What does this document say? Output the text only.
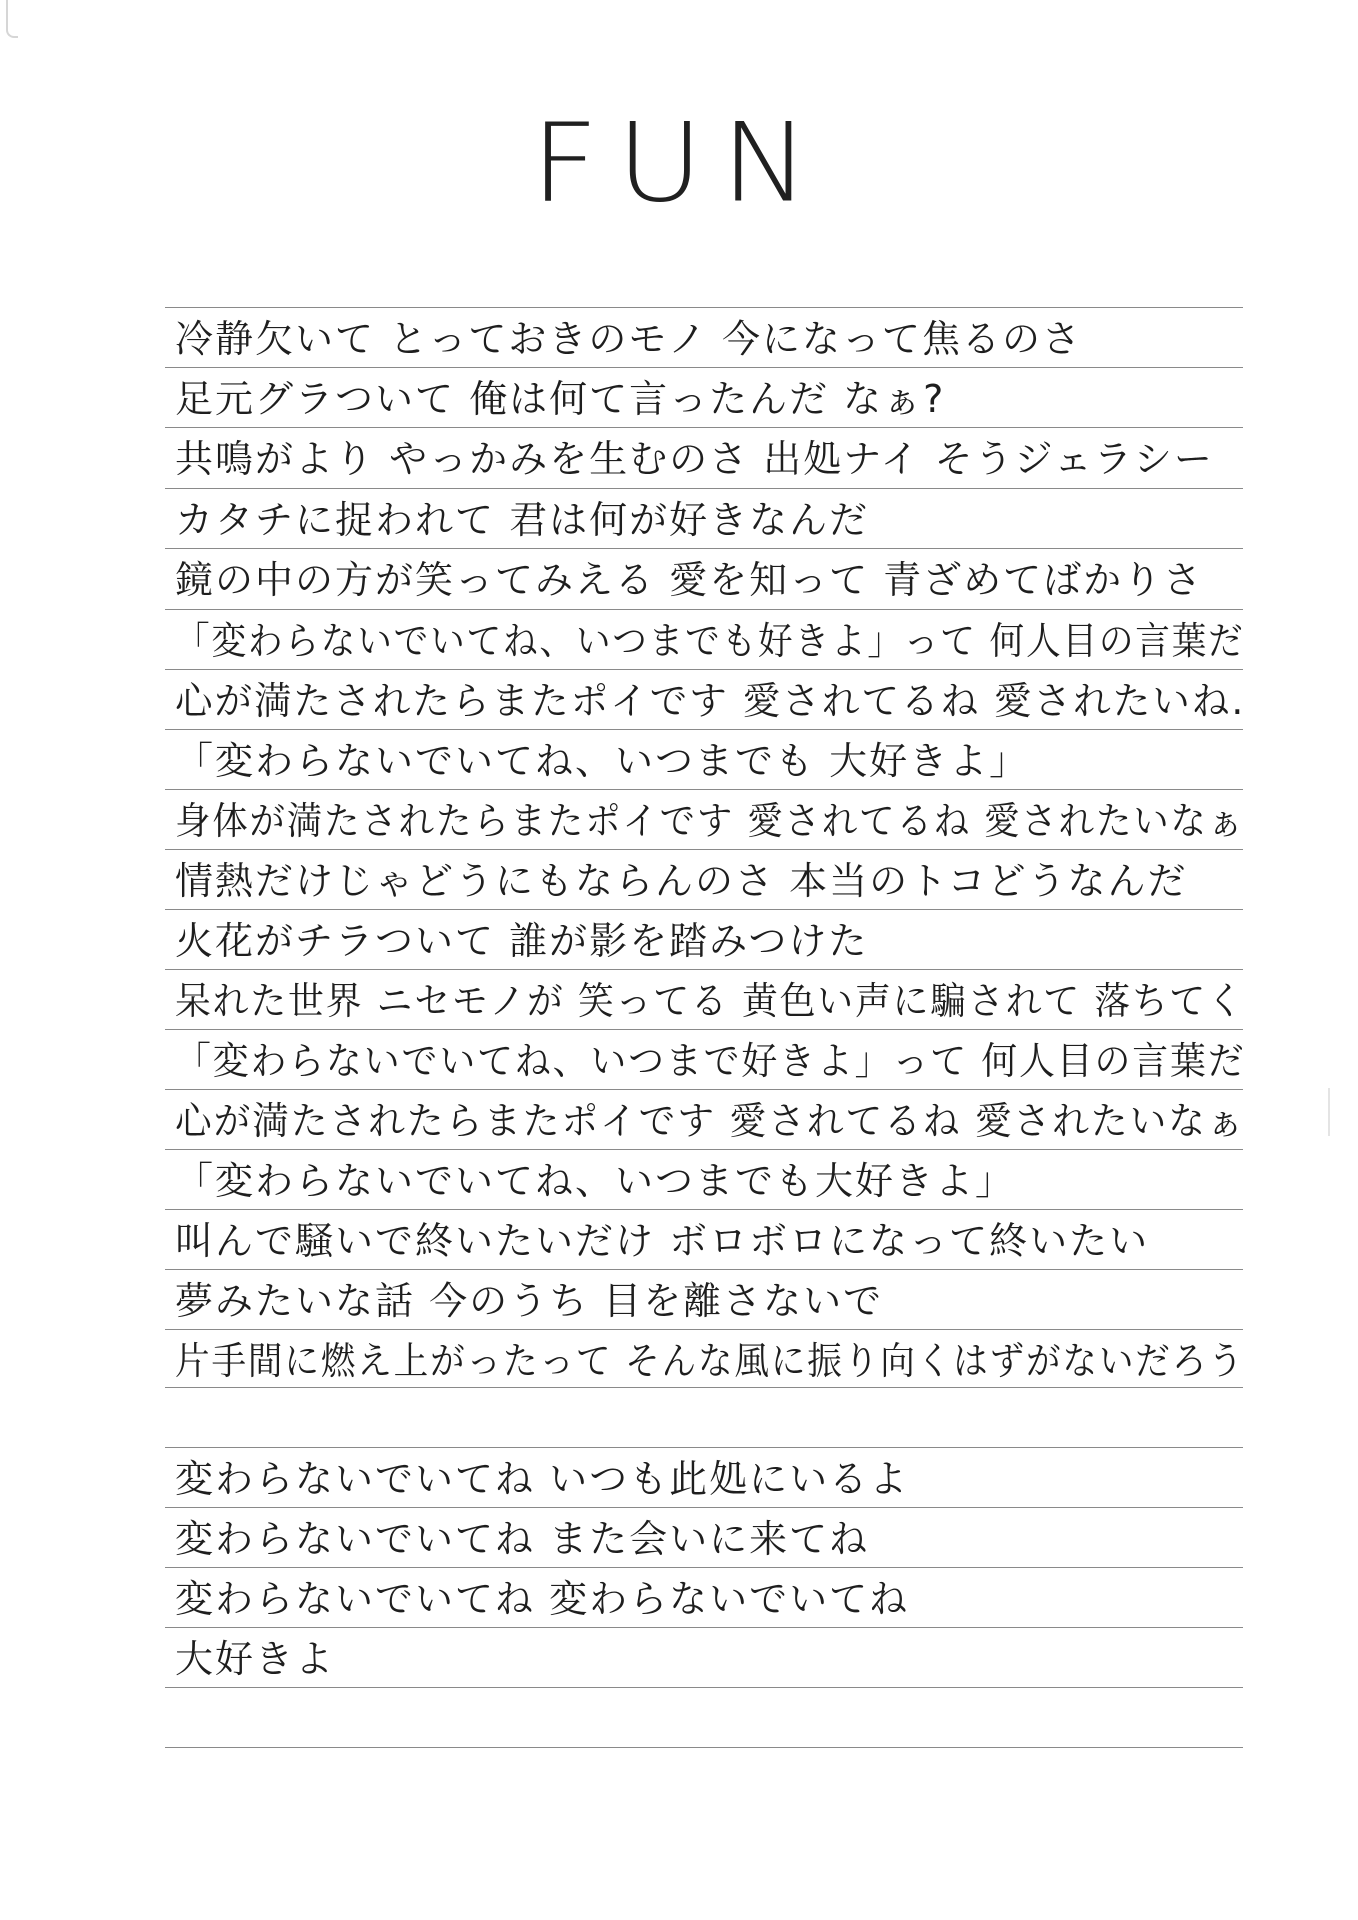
FUN
冷静欠いて とっておきのモノ 今になって焦るのさ
足元グラついて 俺は何て言ったんだ なぁ?
共鳴がより やっかみを生むのさ 出処ナイ そうジェラシー
カタチに捉われて 君は何が好きなんだ
鏡の中の方が笑ってみえる 愛を知って 青ざめてばかりさ
「変わらないでいてね、いつまでも好きよ」って 何人目の言葉だ
心が満たされたらまたポイです 愛されてるね 愛されたいね.
「変わらないでいてね、いつまでも 大好きよ」
身体が満たされたらまたポイです 愛されてるね 愛されたいなぁ
情熱だけじゃどうにもならんのさ 本当のトコどうなんだ
火花がチラついて 誰が影を踏みつけた
呆れた世界 ニセモノが 笑ってる 黄色い声に騙されて 落ちてく
「変わらないでいてね、いつまで好きよ」って 何人目の言葉だ
心が満たされたらまたポイです 愛されてるね 愛されたいなぁ
「変わらないでいてね、いつまでも大好きよ」
叫んで騒いで終いたいだけ ボロボロになって終いたい
夢みたいな話 今のうち 目を離さないで
片手間に燃え上がったって そんな風に振り向くはずがないだろう
変わらないでいてね いつも此処にいるよ
変わらないでいてね また会いに来てね
変わらないでいてね 変わらないでいてね
大好きよ
